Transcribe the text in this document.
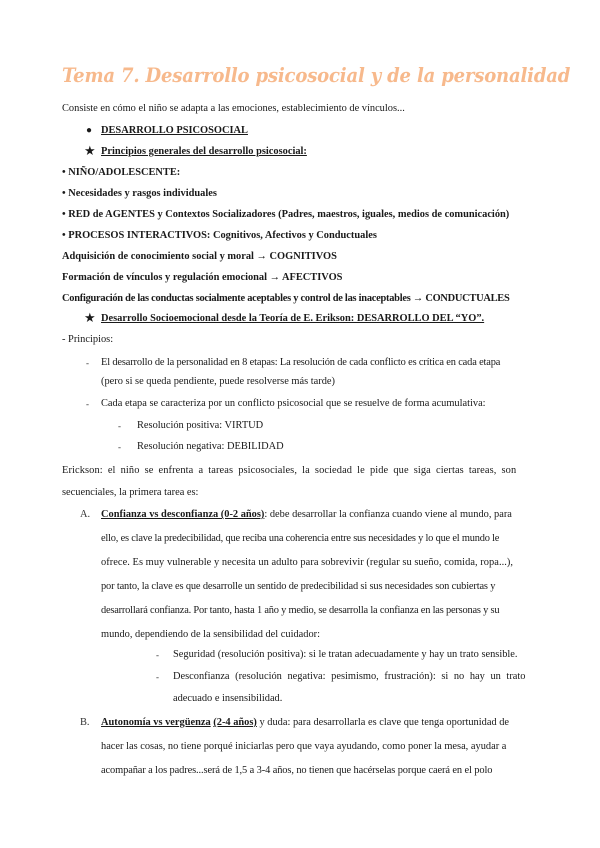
Tema 7. Desarrollo psicosocial y de la personalidad
Consiste en cómo el niño se adapta a las emociones, establecimiento de vínculos...
● DESARROLLO PSICOSOCIAL
★ Principios generales del desarrollo psicosocial:
• NIÑO/ADOLESCENTE:
• Necesidades y rasgos individuales
• RED de AGENTES y Contextos Socializadores (Padres, maestros, iguales, medios de comunicación)
• PROCESOS INTERACTIVOS: Cognitivos, Afectivos y Conductuales
Adquisición de conocimiento social y moral → COGNITIVOS
Formación de vínculos y regulación emocional → AFECTIVOS
Configuración de las conductas socialmente aceptables y control de las inaceptables → CONDUCTUALES
★ Desarrollo Socioemocional desde la Teoría de E. Erikson: DESARROLLO DEL “YO”.
- Principios:
- El desarrollo de la personalidad en 8 etapas: La resolución de cada conflicto es crítica en cada etapa
(pero si se queda pendiente, puede resolverse más tarde)
- Cada etapa se caracteriza por un conflicto psicosocial que se resuelve de forma acumulativa:
- Resolución positiva: VIRTUD
- Resolución negativa: DEBILIDAD
Erickson: el niño se enfrenta a tareas psicosociales, la sociedad le pide que siga ciertas tareas, son
secuenciales, la primera tarea es:
A. Confianza vs desconfianza (0-2 años): debe desarrollar la confianza cuando viene al mundo, para
ello, es clave la predecibilidad, que reciba una coherencia entre sus necesidades y lo que el mundo le
ofrece. Es muy vulnerable y necesita un adulto para sobrevivir (regular su sueño, comida, ropa...),
por tanto, la clave es que desarrolle un sentido de predecibilidad si sus necesidades son cubiertas y
desarrollará confianza. Por tanto, hasta 1 año y medio, se desarrolla la confianza en las personas y su
mundo, dependiendo de la sensibilidad del cuidador:
- Seguridad (resolución positiva): si le tratan adecuadamente y hay un trato sensible.
- Desconfianza (resolución negativa: pesimismo, frustración): si no hay un trato
adecuado e insensibilidad.
B. Autonomía vs vergüenza (2-4 años) y duda: para desarrollarla es clave que tenga oportunidad de
hacer las cosas, no tiene porqué iniciarlas pero que vaya ayudando, como poner la mesa, ayudar a
acompañar a los padres...será de 1,5 a 3-4 años, no tienen que hacérselas porque caerá en el polo
